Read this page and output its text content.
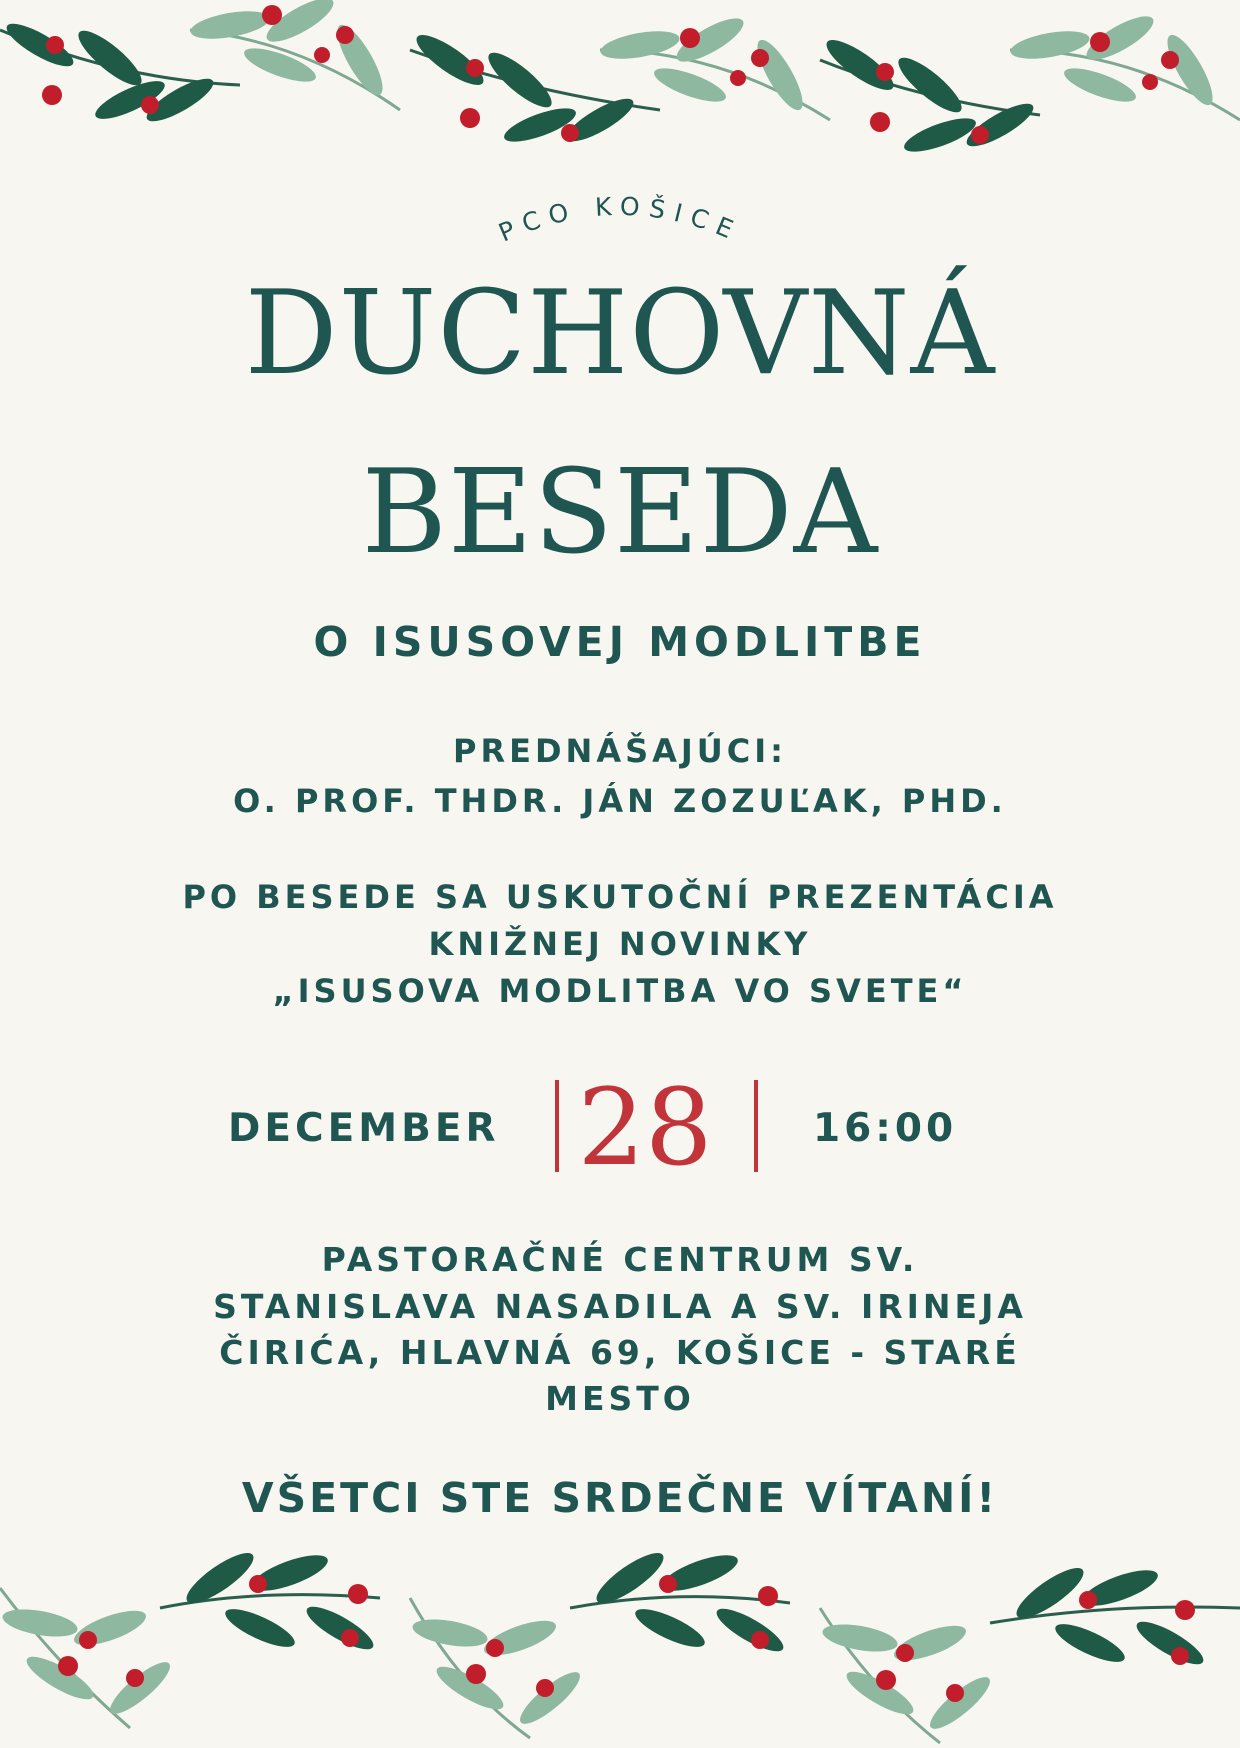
PCO KOŠICE
DUCHOVNÁ
BESEDA
O ISUSOVEJ MODLITBE
PREDNÁŠAJÚCI:
O. PROF. THDR. JÁN ZOZUĽAK, PHD.
PO BESEDE SA USKUTOČNÍ PREZENTÁCIA
KNIŽNEJ NOVINKY
„ISUSOVA MODLITBA VO SVETE“
DECEMBER 28	16:00
PASTORAČNÉ CENTRUM SV.
STANISLAVA NASADILA A SV. IRINEJA
ČIRIĆA, HLAVNÁ 69, KOŠICE - STARÉ
MESTO
VŠETCI STE SRDEČNE VÍTANÍ!
